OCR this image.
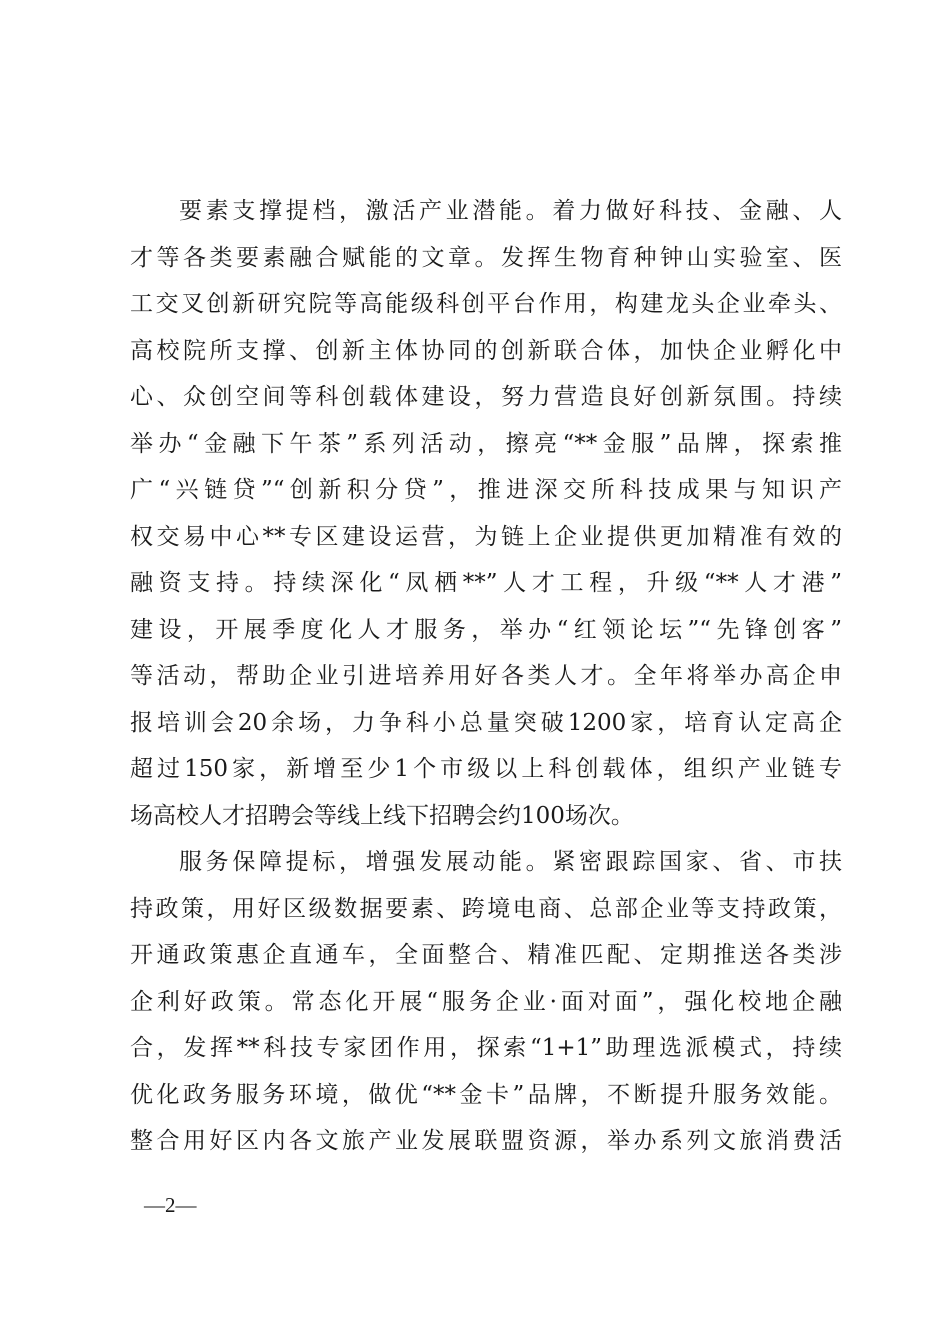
要素支撑提档，激活产业潜能。着力做好科技、金融、人
才等各类要素融合赋能的文章。发挥生物育种钟山实验室、医
工交叉创新研究院等高能级科创平台作用，构建龙头企业牵头、
高校院所支撑、创新主体协同的创新联合体，加快企业孵化中
心、众创空间等科创载体建设，努力营造良好创新氛围。持续
举办“金融下午茶”系列活动，擦亮“**金服”品牌，探索推
广“兴链贷”“创新积分贷”，推进深交所科技成果与知识产
权交易中心**专区建设运营，为链上企业提供更加精准有效的
融资支持。持续深化“凤栖**”人才工程，升级“**人才港”
建设，开展季度化人才服务，举办“红领论坛”“先锋创客”
等活动，帮助企业引进培养用好各类人才。全年将举办高企申
报培训会20余场，力争科小总量突破1200家，培育认定高企
超过150家，新增至少1个市级以上科创载体，组织产业链专
场高校人才招聘会等线上线下招聘会约100场次。
服务保障提标，增强发展动能。紧密跟踪国家、省、市扶
持政策，用好区级数据要素、跨境电商、总部企业等支持政策，
开通政策惠企直通车，全面整合、精准匹配、定期推送各类涉
企利好政策。常态化开展“服务企业·面对面”，强化校地企融
合，发挥**科技专家团作用，探索“1+1”助理选派模式，持续
优化政务服务环境，做优“**金卡”品牌，不断提升服务效能。
整合用好区内各文旅产业发展联盟资源，举办系列文旅消费活
—2—
